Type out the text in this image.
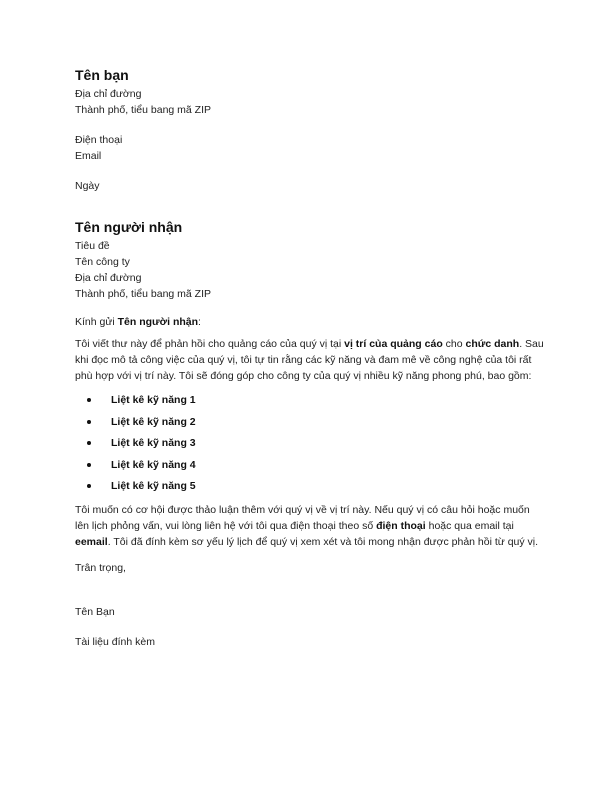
Tên bạn

Địa chỉ đường

Thành phố, tiểu bang mã ZIP

Điện thoại

Email

Ngày

Tên người nhận

Tiêu đề

Tên công ty

Địa chỉ đường

Thành phố, tiểu bang mã ZIP

Kính gửi Tên người nhận:

Tôi viết thư này để phản hồi cho quảng cáo của quý vị tại vị trí của quảng cáo cho chức danh. Sau khi đọc mô tả công việc của quý vị, tôi tự tin rằng các kỹ năng và đam mê về công nghệ của tôi rất phù hợp với vị trí này. Tôi sẽ đóng góp cho công ty của quý vị nhiều kỹ năng phong phú, bao gồm:

Liệt kê kỹ năng 1
Liệt kê kỹ năng 2
Liệt kê kỹ năng 3
Liệt kê kỹ năng 4
Liệt kê kỹ năng 5

Tôi muốn có cơ hội được thảo luận thêm với quý vị về vị trí này. Nếu quý vị có câu hỏi hoặc muốn lên lịch phỏng vấn, vui lòng liên hệ với tôi qua điện thoại theo số điện thoại hoặc qua email tại eemail. Tôi đã đính kèm sơ yếu lý lịch để quý vị xem xét và tôi mong nhận được phản hồi từ quý vị.

Trân trọng,

Tên Bạn

Tài liệu đính kèm
